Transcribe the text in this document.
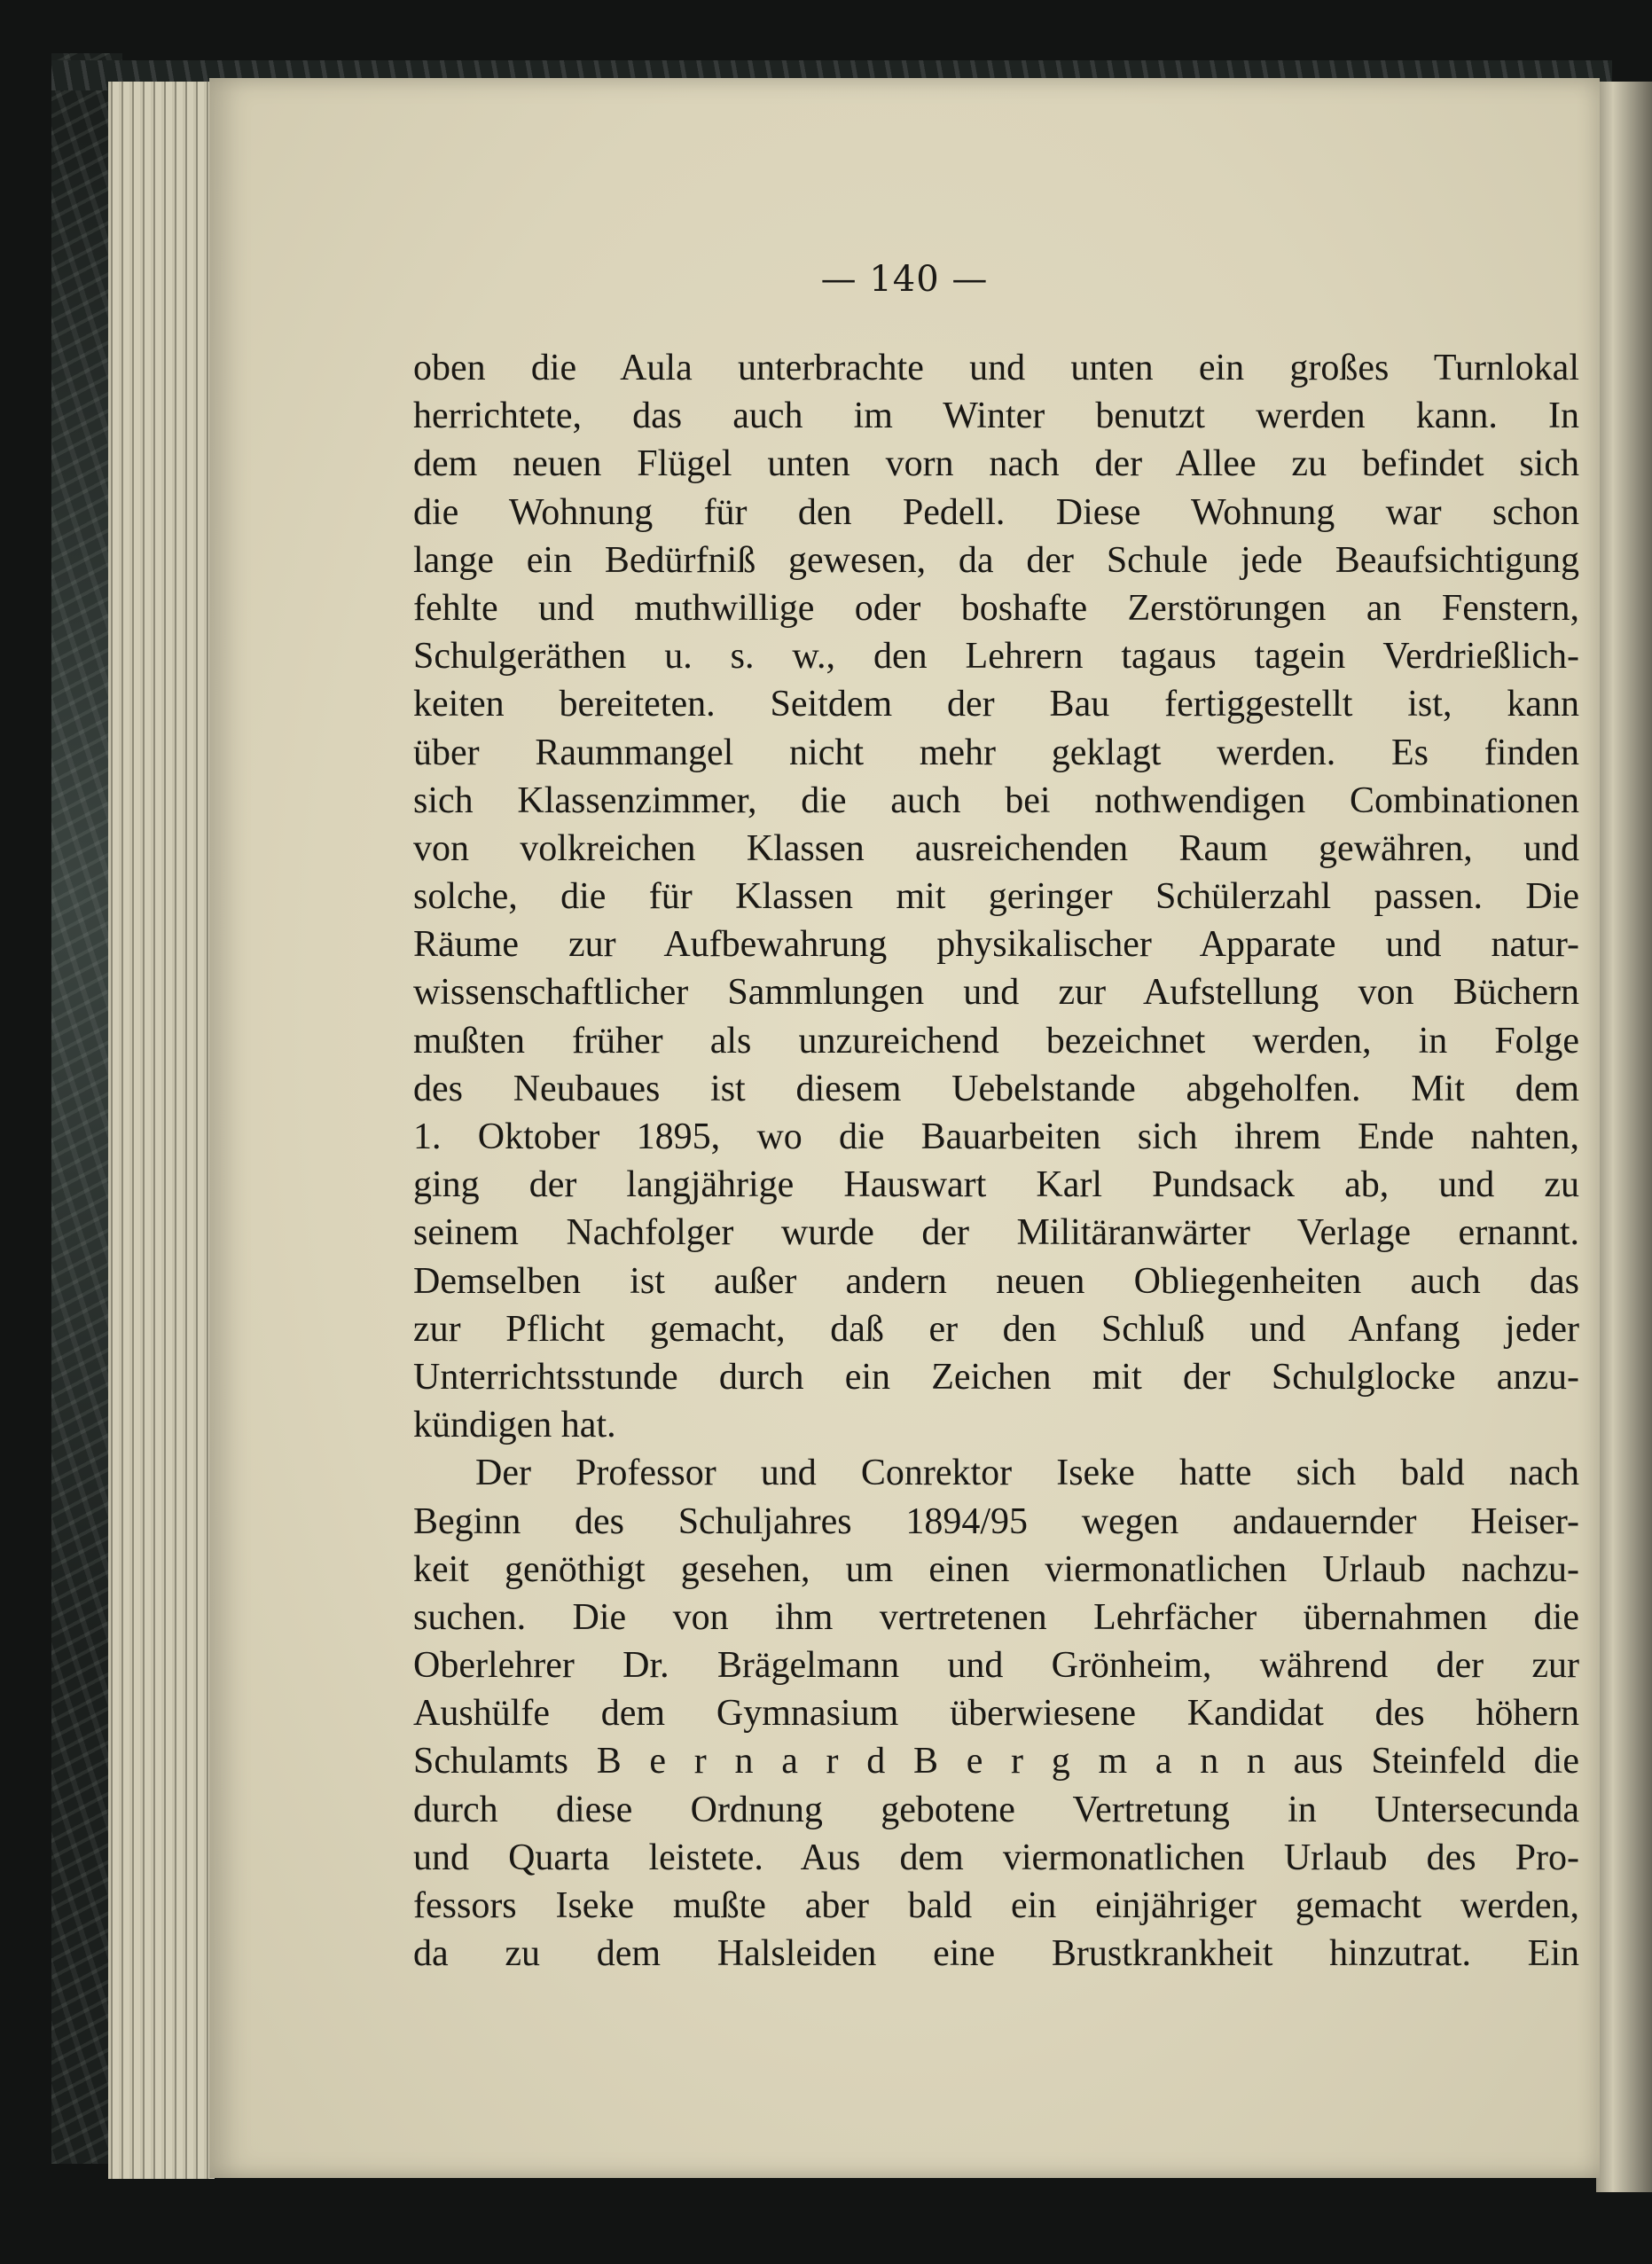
— 140 —
oben die Aula unterbrachte und unten ein großes Turnlokal
herrichtete, das auch im Winter benutzt werden kann. In
dem neuen Flügel unten vorn nach der Allee zu befindet sich
die Wohnung für den Pedell. Diese Wohnung war schon
lange ein Bedürfniß gewesen, da der Schule jede Beaufsichtigung
fehlte und muthwillige oder boshafte Zerstörungen an Fenstern,
Schulgeräthen u. s. w., den Lehrern tagaus tagein Verdrießlich-
keiten bereiteten. Seitdem der Bau fertiggestellt ist, kann
über Raummangel nicht mehr geklagt werden. Es finden
sich Klassenzimmer, die auch bei nothwendigen Combinationen
von volkreichen Klassen ausreichenden Raum gewähren, und
solche, die für Klassen mit geringer Schülerzahl passen. Die
Räume zur Aufbewahrung physikalischer Apparate und natur-
wissenschaftlicher Sammlungen und zur Aufstellung von Büchern
mußten früher als unzureichend bezeichnet werden, in Folge
des Neubaues ist diesem Uebelstande abgeholfen. Mit dem
1. Oktober 1895, wo die Bauarbeiten sich ihrem Ende nahten,
ging der langjährige Hauswart Karl Pundsack ab, und zu
seinem Nachfolger wurde der Militäranwärter Verlage ernannt.
Demselben ist außer andern neuen Obliegenheiten auch das
zur Pflicht gemacht, daß er den Schluß und Anfang jeder
Unterrichtsstunde durch ein Zeichen mit der Schulglocke anzu-
kündigen hat.
Der Professor und Conrektor Iseke hatte sich bald nach
Beginn des Schuljahres 1894/95 wegen andauernder Heiser-
keit genöthigt gesehen, um einen viermonatlichen Urlaub nachzu-
suchen. Die von ihm vertretenen Lehrfächer übernahmen die
Oberlehrer Dr. Brägelmann und Grönheim, während der zur
Aushülfe dem Gymnasium überwiesene Kandidat des höhern
Schulamts B e r n a r d B e r g m a n n aus Steinfeld die
durch diese Ordnung gebotene Vertretung in Untersecunda
und Quarta leistete. Aus dem viermonatlichen Urlaub des Pro-
fessors Iseke mußte aber bald ein einjähriger gemacht werden,
da zu dem Halsleiden eine Brustkrankheit hinzutrat. Ein
